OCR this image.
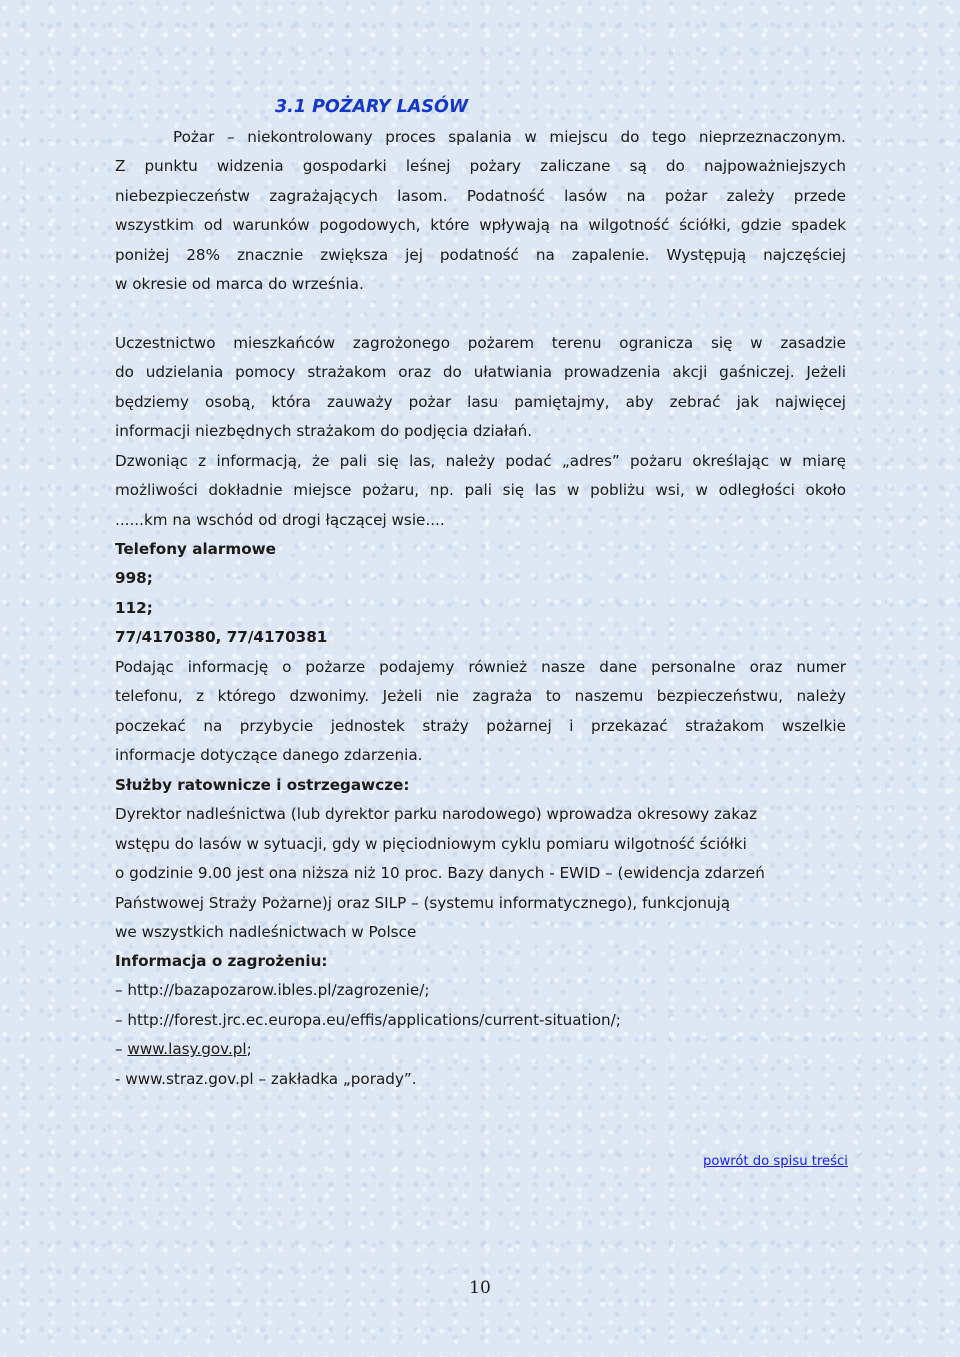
3.1 POŻARY LASÓW
Pożar – niekontrolowany proces spalania w miejscu do tego nieprzeznaczonym.
Z punktu widzenia gospodarki leśnej pożary zaliczane są do najpoważniejszych
niebezpieczeństw zagrażających lasom. Podatność lasów na pożar zależy przede
wszystkim od warunków pogodowych, które wpływają na wilgotność ściółki, gdzie spadek
poniżej 28% znacznie zwiększa jej podatność na zapalenie. Występują najczęściej
w okresie od marca do września.
Uczestnictwo mieszkańców zagrożonego pożarem terenu ogranicza się w zasadzie
do udzielania pomocy strażakom oraz do ułatwiania prowadzenia akcji gaśniczej. Jeżeli
będziemy osobą, która zauważy pożar lasu pamiętajmy, aby zebrać jak najwięcej
informacji niezbędnych strażakom do podjęcia działań.
Dzwoniąc z informacją, że pali się las, należy podać „adres” pożaru określając w miarę
możliwości dokładnie miejsce pożaru, np. pali się las w pobliżu wsi, w odległości około
......km na wschód od drogi łączącej wsie....
Telefony alarmowe
998;
112;
77/4170380, 77/4170381
Podając informację o pożarze podajemy również nasze dane personalne oraz numer
telefonu, z którego dzwonimy. Jeżeli nie zagraża to naszemu bezpieczeństwu, należy
poczekać na przybycie jednostek straży pożarnej i przekazać strażakom wszelkie
informacje dotyczące danego zdarzenia.
Służby ratownicze i ostrzegawcze:
Dyrektor nadleśnictwa (lub dyrektor parku narodowego) wprowadza okresowy zakaz
wstępu do lasów w sytuacji, gdy w pięciodniowym cyklu pomiaru wilgotność ściółki
o godzinie 9.00 jest ona niższa niż 10 proc. Bazy danych - EWID – (ewidencja zdarzeń
Państwowej Straży Pożarne)j oraz SILP – (systemu informatycznego), funkcjonują
we wszystkich nadleśnictwach w Polsce
Informacja o zagrożeniu:
– http://bazapozarow.ibles.pl/zagrozenie/;
– http://forest.jrc.ec.europa.eu/effis/applications/current-situation/;
– www.lasy.gov.pl;
- www.straz.gov.pl – zakładka „porady”.
powrót do spisu treści
10
